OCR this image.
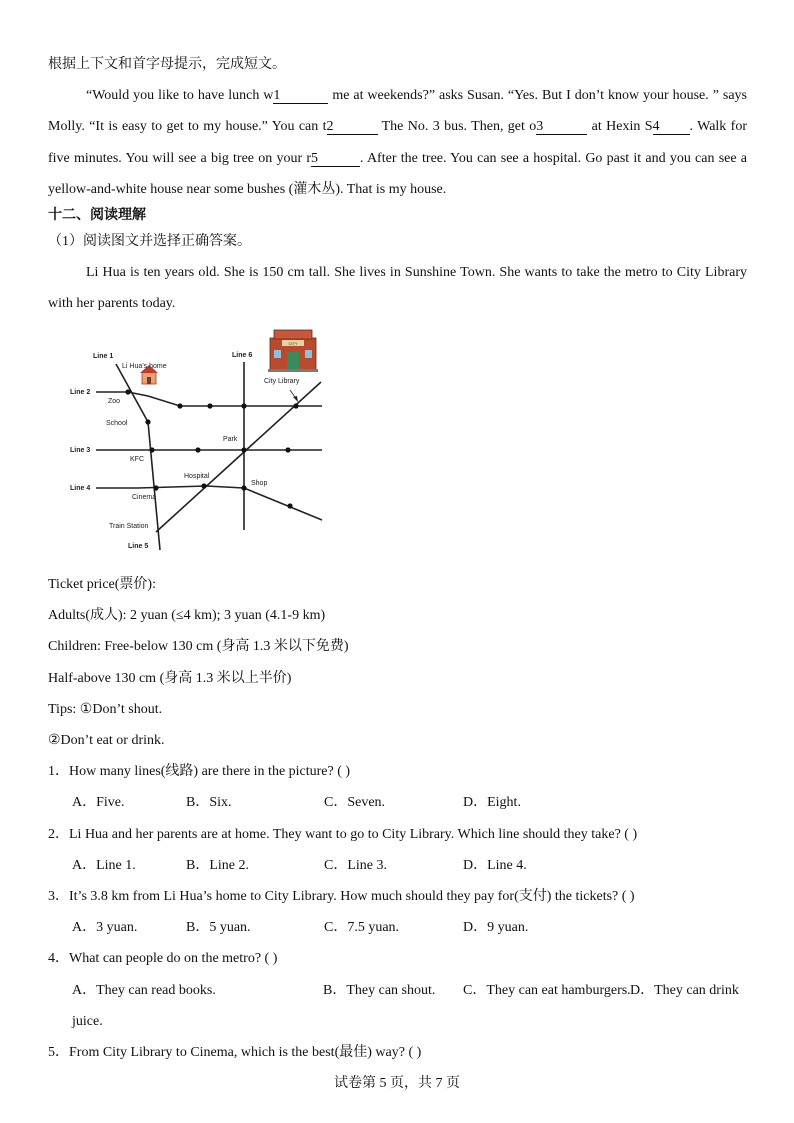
根据上下文和首字母提示，完成短文。
“Would you like to have lunch w1	me at weekends?” asks Susan. “Yes. But I don’t know your house. ” says
Molly. “It is easy to get to my house.” You can t2	The No. 3 bus. Then, get o3	at Hexin S4 . Walk for
five minutes. You will see a big tree on your r5	. After the tree. You can see a hospital. Go past it and you can see a
yellow-and-white house near some bushes (灌木丛). That is my house.
十二、阅读理解
（1）阅读图文并选择正确答案。
Li Hua is ten years old. She is 150 cm tall. She lives in Sunshine Town. She wants to take the metro to City Library
with her parents today.
CITY
Line 1
Line 2
Line 3
Line 4
Line 5
Line 6
Li Hua’s home
City Library
Zoo
School
KFC
Park
Hospital
Shop
Cinema
Train Station
Ticket price(票价):
Adults(成人): 2 yuan (≤4 km); 3 yuan (4.1-9 km)
Children: Free-below 130 cm (身高 1.3 米以下免费)
Half-above 130 cm (身高 1.3 米以上半价)
Tips: ①Don’t shout.
②Don’t eat or drink.
1．How many lines(线路) are there in the picture? ( )
A．Five.	B．Six.	C．Seven.	D．Eight.
2．Li Hua and her parents are at home. They want to go to City Library. Which line should they take? ( )
A．Line 1.	B．Line 2.	C．Line 3.	D．Line 4.
3．It’s 3.8 km from Li Hua’s home to City Library. How much should they pay for(支付) the tickets? ( )
A．3 yuan.	B．5 yuan.	C．7.5 yuan.	D．9 yuan.
4．What can people do on the metro? ( )
A．They can read books.	B．They can shout. C．They can eat hamburgers. D．They can drink
juice.
5．From City Library to Cinema, which is the best(最佳) way? ( )
试卷第 5 页，共 7 页
